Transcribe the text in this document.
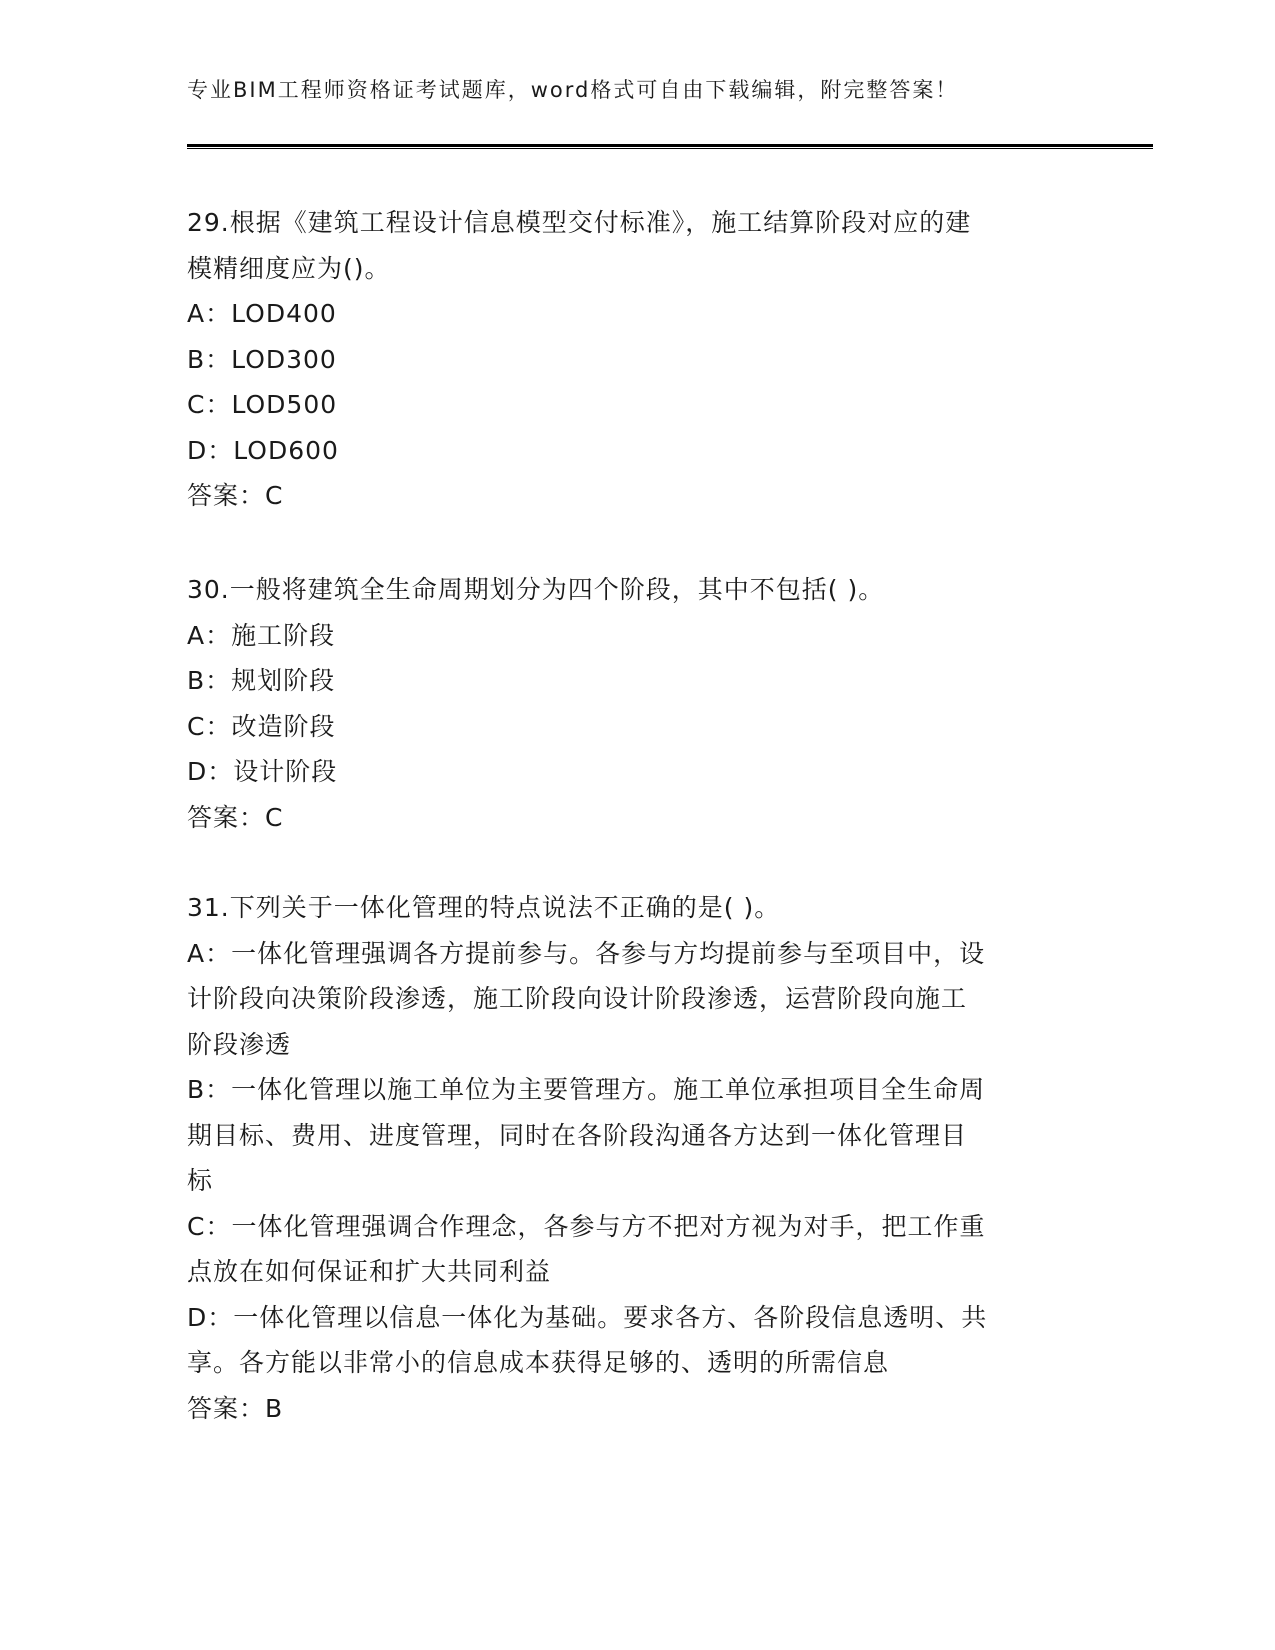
专业BIM工程师资格证考试题库，word格式可自由下载编辑，附完整答案！
29.根据《建筑工程设计信息模型交付标准》，施工结算阶段对应的建
模精细度应为()。
A：LOD400
B：LOD300
C：LOD500
D：LOD600
答案：C
30.一般将建筑全生命周期划分为四个阶段，其中不包括( )。
A：施工阶段
B：规划阶段
C：改造阶段
D：设计阶段
答案：C
31.下列关于一体化管理的特点说法不正确的是( )。
A：一体化管理强调各方提前参与。各参与方均提前参与至项目中，设
计阶段向决策阶段渗透，施工阶段向设计阶段渗透，运营阶段向施工
阶段渗透
B：一体化管理以施工单位为主要管理方。施工单位承担项目全生命周
期目标、费用、进度管理，同时在各阶段沟通各方达到一体化管理目
标
C：一体化管理强调合作理念，各参与方不把对方视为对手，把工作重
点放在如何保证和扩大共同利益
D：一体化管理以信息一体化为基础。要求各方、各阶段信息透明、共
享。各方能以非常小的信息成本获得足够的、透明的所需信息
答案：B
